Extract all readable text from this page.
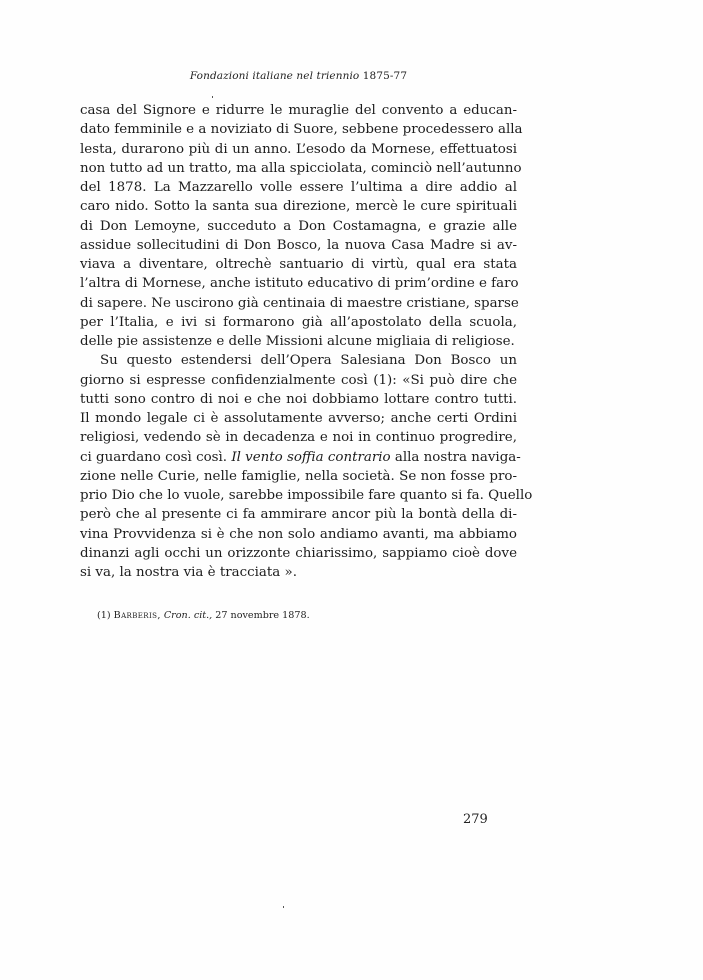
Fondazioni italiane nel triennio 1875-77
casa del Signore e ridurre le muraglie del convento a educan-
dato femminile e a noviziato di Suore, sebbene procedessero alla
lesta, durarono più di un anno. L’esodo da Mornese, effettuatosi
non tutto ad un tratto, ma alla spicciolata, cominciò nell’autunno
del 1878. La Mazzarello volle essere l’ultima a dire addio al
caro nido. Sotto la santa sua direzione, mercè le cure spirituali
di Don Lemoyne, succeduto a Don Costamagna, e grazie alle
assidue sollecitudini di Don Bosco, la nuova Casa Madre si av-
viava a diventare, oltrechè santuario di virtù, qual era stata
l’altra di Mornese, anche istituto educativo di prim’ordine e faro
di sapere. Ne uscirono già centinaia di maestre cristiane, sparse
per l’Italia, e ivi si formarono già all’apostolato della scuola,
delle pie assistenze e delle Missioni alcune migliaia di religiose.
Su questo estendersi dell’Opera Salesiana Don Bosco un
giorno si espresse confidenzialmente così (1): «Si può dire che
tutti sono contro di noi e che noi dobbiamo lottare contro tutti.
Il mondo legale ci è assolutamente avverso; anche certi Ordini
religiosi, vedendo sè in decadenza e noi in continuo progredire,
ci guardano così così. Il vento soffia contrario alla nostra naviga-
zione nelle Curie, nelle famiglie, nella società. Se non fosse pro-
prio Dio che lo vuole, sarebbe impossibile fare quanto si fa. Quello
però che al presente ci fa ammirare ancor più la bontà della di-
vina Provvidenza si è che non solo andiamo avanti, ma abbiamo
dinanzi agli occhi un orizzonte chiarissimo, sappiamo cioè dove
si va, la nostra via è tracciata ».
(1) Barberis, Cron. cit., 27 novembre 1878.
279
